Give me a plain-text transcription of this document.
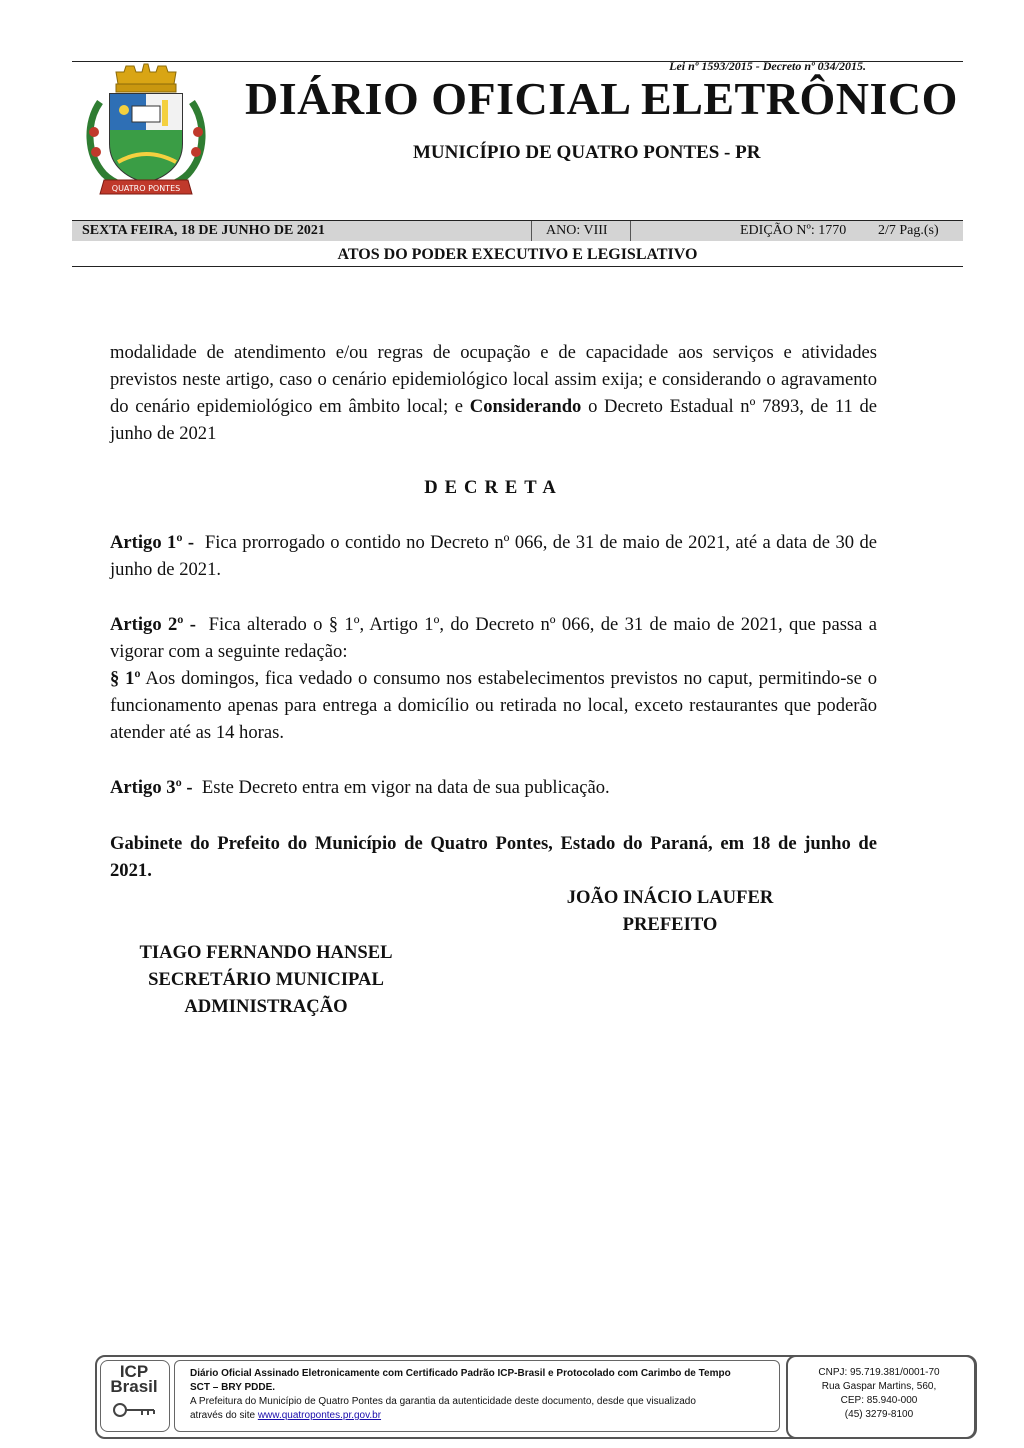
Lei nº 1593/2015 - Decreto nº 034/2015.
QUATRO PONTES
DIÁRIO OFICIAL ELETRÔNICO
MUNICÍPIO DE QUATRO PONTES - PR
SEXTA FEIRA, 18 DE JUNHO DE 2021	ANO: VIII	EDIÇÃO Nº: 1770 2/7 Pag.(s)
ATOS DO PODER EXECUTIVO E LEGISLATIVO
modalidade de atendimento e/ou regras de ocupação e de capacidade aos serviços e atividades previstos neste artigo, caso o cenário epidemiológico local assim exija; e considerando o agravamento do cenário epidemiológico em âmbito local; e Considerando o Decreto Estadual nº 7893, de 11 de junho de 2021
DECRETA
Artigo 1º - Fica prorrogado o contido no Decreto nº 066, de 31 de maio de 2021, até a data de 30 de junho de 2021.
Artigo 2º - Fica alterado o § 1º, Artigo 1º, do Decreto nº 066, de 31 de maio de 2021, que passa a vigorar com a seguinte redação:
§ 1º Aos domingos, fica vedado o consumo nos estabelecimentos previstos no caput, permitindo-se o funcionamento apenas para entrega a domicílio ou retirada no local, exceto restaurantes que poderão atender até as 14 horas.
Artigo 3º - Este Decreto entra em vigor na data de sua publicação.
Gabinete do Prefeito do Município de Quatro Pontes, Estado do Paraná, em 18 de junho de 2021.
JOÃO INÁCIO LAUFER
PREFEITO
TIAGO FERNANDO HANSEL
SECRETÁRIO MUNICIPAL
ADMINISTRAÇÃO
ICP
Brasil
Diário Oficial Assinado Eletronicamente com Certificado Padrão ICP-Brasil e Protocolado com Carimbo de Tempo
SCT – BRY PDDE.
A Prefeitura do Município de Quatro Pontes da garantia da autenticidade deste documento, desde que visualizado
através do site www.quatropontes.pr.gov.br
CNPJ: 95.719.381/0001-70
Rua Gaspar Martins, 560,
CEP: 85.940-000
(45) 3279-8100
